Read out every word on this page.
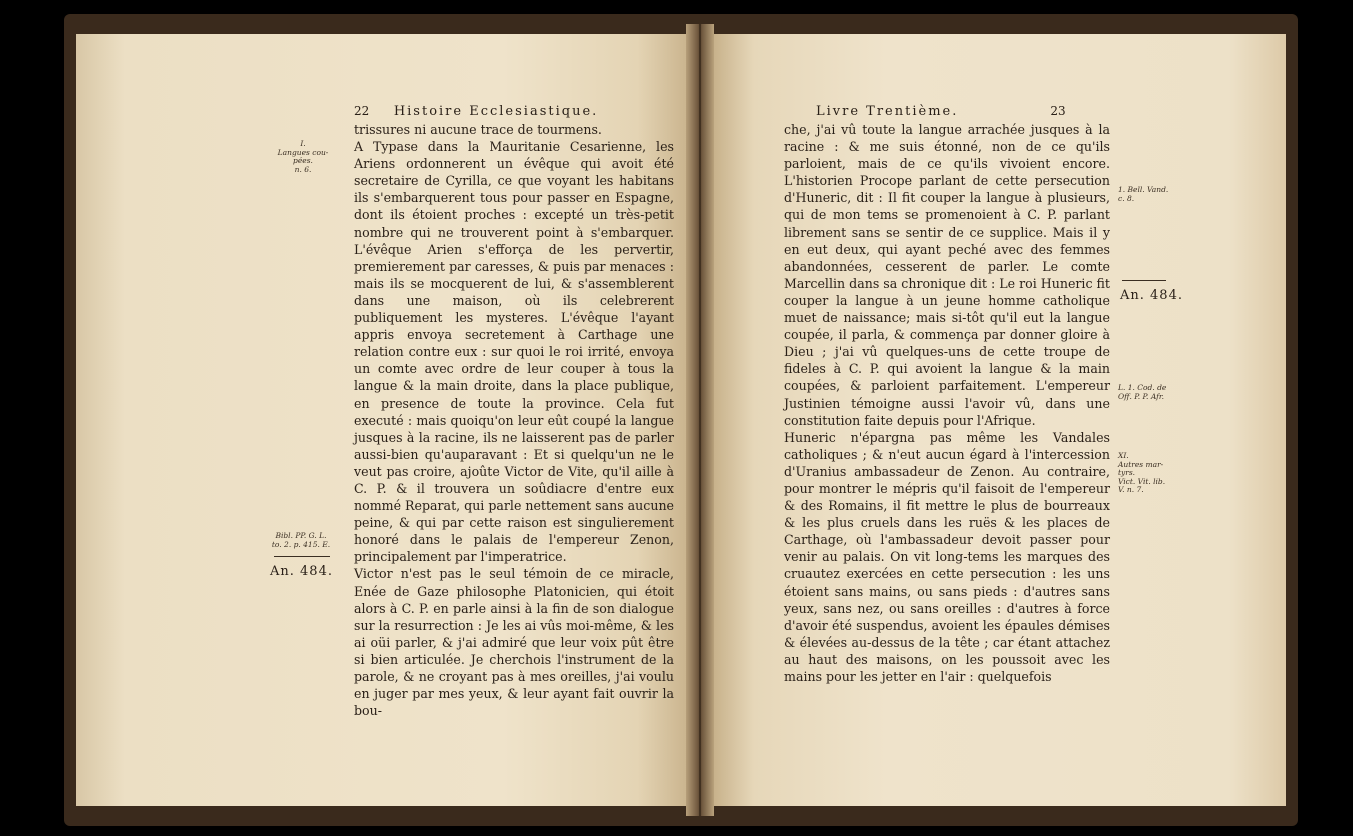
22 Histoire Ecclesiastique.
I.
Langues cou-
pées.
n. 6.
Bibl. PP. G. L.
to. 2. p. 415. E.
An. 484.
trissures ni aucune trace de tourmens.
A Typase dans la Mauritanie Cesarienne, les Ariens ordonnerent un évêque qui avoit été secretaire de Cyrilla, ce que voyant les habitans ils s'embarquerent tous pour passer en Espagne, dont ils étoient proches : excepté un très-petit nombre qui ne trouverent point à s'embarquer. L'évêque Arien s'efforça de les pervertir, premierement par caresses, & puis par menaces : mais ils se mocquerent de lui, & s'assemblerent dans une maison, où ils celebrerent publiquement les mysteres. L'évêque l'ayant appris envoya secretement à Carthage une relation contre eux : sur quoi le roi irrité, envoya un comte avec ordre de leur couper à tous la langue & la main droite, dans la place publique, en presence de toute la province. Cela fut executé : mais quoiqu'on leur eût coupé la langue jusques à la racine, ils ne laisserent pas de parler aussi-bien qu'auparavant : Et si quelqu'un ne le veut pas croire, ajoûte Victor de Vite, qu'il aille à C. P. & il trouvera un soûdiacre d'entre eux nommé Reparat, qui parle nettement sans aucune peine, & qui par cette raison est singulierement honoré dans le palais de l'empereur Zenon, principalement par l'imperatrice.
Victor n'est pas le seul témoin de ce miracle, Enée de Gaze philosophe Platonicien, qui étoit alors à C. P. en parle ainsi à la fin de son dialogue sur la resurrection : Je les ai vûs moi-même, & les ai oüi parler, & j'ai admiré que leur voix pût être si bien articulée. Je cherchois l'instrument de la parole, & ne croyant pas à mes oreilles, j'ai voulu en juger par mes yeux, & leur ayant fait ouvrir la bou-
Livre Trentième.	23
che, j'ai vû toute la langue arrachée jusques à la racine : & me suis étonné, non de ce qu'ils parloient, mais de ce qu'ils vivoient encore. L'historien Procope parlant de cette persecution d'Huneric, dit : Il fit couper la langue à plusieurs, qui de mon tems se promenoient à C. P. parlant librement sans se sentir de ce supplice. Mais il y en eut deux, qui ayant peché avec des femmes abandonnées, cesserent de parler. Le comte Marcellin dans sa chronique dit : Le roi Huneric fit couper la langue à un jeune homme catholique muet de naissance; mais si-tôt qu'il eut la langue coupée, il parla, & commença par donner gloire à Dieu ; j'ai vû quelques-uns de cette troupe de fideles à C. P. qui avoient la langue & la main coupées, & parloient parfaitement. L'empereur Justinien témoigne aussi l'avoir vû, dans une constitution faite depuis pour l'Afrique.
Huneric n'épargna pas même les Vandales catholiques ; & n'eut aucun égard à l'intercession d'Uranius ambassadeur de Zenon. Au contraire, pour montrer le mépris qu'il faisoit de l'empereur & des Romains, il fit mettre le plus de bourreaux & les plus cruels dans les ruës & les places de Carthage, où l'ambassadeur devoit passer pour venir au palais. On vit long-tems les marques des cruautez exercées en cette persecution : les uns étoient sans mains, ou sans pieds : d'autres sans yeux, sans nez, ou sans oreilles : d'autres à force d'avoir été suspendus, avoient les épaules démises & élevées au-dessus de la tête ; car étant attachez au haut des maisons, on les poussoit avec les mains pour les jetter en l'air : quelquefois
1. Bell. Vand.
c. 8.
An. 484.
L. 1. Cod. de
Off. P. P. Afr.
XI.
Autres mar-
tyrs.
Vict. Vit. lib.
V. n. 7.
